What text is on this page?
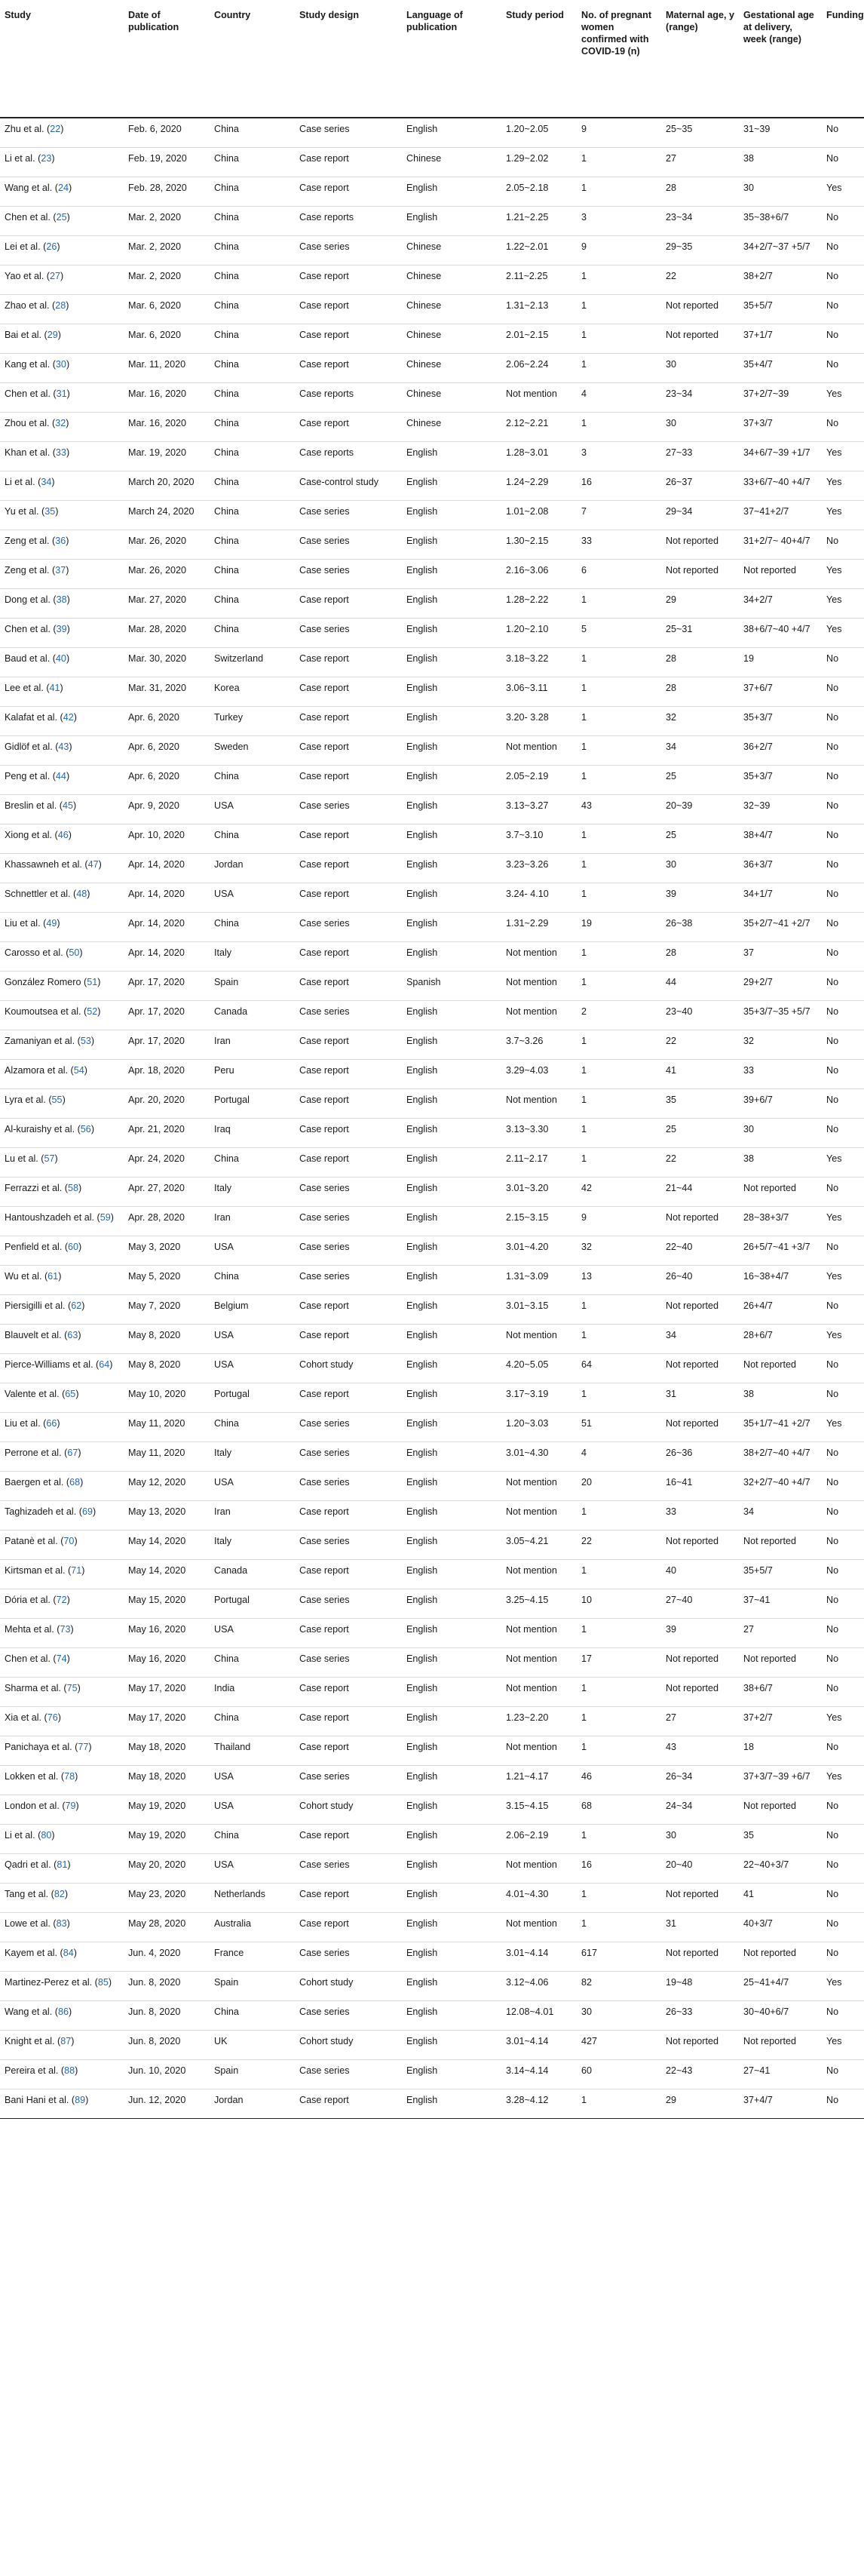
Study	Date of publication	Country	Study design	Language of publication	Study period	No. of pregnant women confirmed with COVID-19 (n)	Maternal age, y (range)	Gestational age at delivery, week (range)	Funding
Zhu et al. (22)	Feb. 6, 2020	China	Case series	English	1.20~2.05	9	25~35	31~39	No
Li et al. (23)	Feb. 19, 2020	China	Case report	Chinese	1.29~2.02	1	27	38	No
Wang et al. (24)	Feb. 28, 2020	China	Case report	English	2.05~2.18	1	28	30	Yes
Chen et al. (25)	Mar. 2, 2020	China	Case reports	English	1.21~2.25	3	23~34	35~38+6/7	No
Lei et al. (26)	Mar. 2, 2020	China	Case series	Chinese	1.22~2.01	9	29~35	34+2/7~37 +5/7	No
Yao et al. (27)	Mar. 2, 2020	China	Case report	Chinese	2.11~2.25	1	22	38+2/7	No
Zhao et al. (28)	Mar. 6, 2020	China	Case report	Chinese	1.31~2.13	1	Not reported	35+5/7	No
Bai et al. (29)	Mar. 6, 2020	China	Case report	Chinese	2.01~2.15	1	Not reported	37+1/7	No
Kang et al. (30)	Mar. 11, 2020	China	Case report	Chinese	2.06~2.24	1	30	35+4/7	No
Chen et al. (31)	Mar. 16, 2020	China	Case reports	Chinese	Not mention	4	23~34	37+2/7~39	Yes
Zhou et al. (32)	Mar. 16, 2020	China	Case report	Chinese	2.12~2.21	1	30	37+3/7	No
Khan et al. (33)	Mar. 19, 2020	China	Case reports	English	1.28~3.01	3	27~33	34+6/7~39 +1/7	Yes
Li et al. (34)	March 20, 2020	China	Case-control study	English	1.24~2.29	16	26~37	33+6/7~40 +4/7	Yes
Yu et al. (35)	March 24, 2020	China	Case series	English	1.01~2.08	7	29~34	37~41+2/7	Yes
Zeng et al. (36)	Mar. 26, 2020	China	Case series	English	1.30~2.15	33	Not reported	31+2/7~ 40+4/7	No
Zeng et al. (37)	Mar. 26, 2020	China	Case series	English	2.16~3.06	6	Not reported	Not reported	Yes
Dong et al. (38)	Mar. 27, 2020	China	Case report	English	1.28~2.22	1	29	34+2/7	Yes
Chen et al. (39)	Mar. 28, 2020	China	Case series	English	1.20~2.10	5	25~31	38+6/7~40 +4/7	Yes
Baud et al. (40)	Mar. 30, 2020	Switzerland	Case report	English	3.18~3.22	1	28	19	No
Lee et al. (41)	Mar. 31, 2020	Korea	Case report	English	3.06~3.11	1	28	37+6/7	No
Kalafat et al. (42)	Apr. 6, 2020	Turkey	Case report	English	3.20- 3.28	1	32	35+3/7	No
Gidlöf et al. (43)	Apr. 6, 2020	Sweden	Case report	English	Not mention	1	34	36+2/7	No
Peng et al. (44)	Apr. 6, 2020	China	Case report	English	2.05~2.19	1	25	35+3/7	No
Breslin et al. (45)	Apr. 9, 2020	USA	Case series	English	3.13~3.27	43	20~39	32~39	No
Xiong et al. (46)	Apr. 10, 2020	China	Case report	English	3.7~3.10	1	25	38+4/7	No
Khassawneh et al. (47)	Apr. 14, 2020	Jordan	Case report	English	3.23~3.26	1	30	36+3/7	No
Schnettler et al. (48)	Apr. 14, 2020	USA	Case report	English	3.24- 4.10	1	39	34+1/7	No
Liu et al. (49)	Apr. 14, 2020	China	Case series	English	1.31~2.29	19	26~38	35+2/7~41 +2/7	No
Carosso et al. (50)	Apr. 14, 2020	Italy	Case report	English	Not mention	1	28	37	No
González Romero (51)	Apr. 17, 2020	Spain	Case report	Spanish	Not mention	1	44	29+2/7	No
Koumoutsea et al. (52)	Apr. 17, 2020	Canada	Case series	English	Not mention	2	23~40	35+3/7~35 +5/7	No
Zamaniyan et al. (53)	Apr. 17, 2020	Iran	Case report	English	3.7~3.26	1	22	32	No
Alzamora et al. (54)	Apr. 18, 2020	Peru	Case report	English	3.29~4.03	1	41	33	No
Lyra et al. (55)	Apr. 20, 2020	Portugal	Case report	English	Not mention	1	35	39+6/7	No
Al-kuraishy et al. (56)	Apr. 21, 2020	Iraq	Case report	English	3.13~3.30	1	25	30	No
Lu et al. (57)	Apr. 24, 2020	China	Case report	English	2.11~2.17	1	22	38	Yes
Ferrazzi et al. (58)	Apr. 27, 2020	Italy	Case series	English	3.01~3.20	42	21~44	Not reported	No
Hantoushzadeh et al. (59)	Apr. 28, 2020	Iran	Case series	English	2.15~3.15	9	Not reported	28~38+3/7	Yes
Penfield et al. (60)	May 3, 2020	USA	Case series	English	3.01~4.20	32	22~40	26+5/7~41 +3/7	No
Wu et al. (61)	May 5, 2020	China	Case series	English	1.31~3.09	13	26~40	16~38+4/7	Yes
Piersigilli et al. (62)	May 7, 2020	Belgium	Case report	English	3.01~3.15	1	Not reported	26+4/7	No
Blauvelt et al. (63)	May 8, 2020	USA	Case report	English	Not mention	1	34	28+6/7	Yes
Pierce-Williams et al. (64)	May 8, 2020	USA	Cohort study	English	4.20~5.05	64	Not reported	Not reported	No
Valente et al. (65)	May 10, 2020	Portugal	Case report	English	3.17~3.19	1	31	38	No
Liu et al. (66)	May 11, 2020	China	Case series	English	1.20~3.03	51	Not reported	35+1/7~41 +2/7	Yes
Perrone et al. (67)	May 11, 2020	Italy	Case series	English	3.01~4.30	4	26~36	38+2/7~40 +4/7	No
Baergen et al. (68)	May 12, 2020	USA	Case series	English	Not mention	20	16~41	32+2/7~40 +4/7	No
Taghizadeh et al. (69)	May 13, 2020	Iran	Case report	English	Not mention	1	33	34	No
Patanè et al. (70)	May 14, 2020	Italy	Case series	English	3.05~4.21	22	Not reported	Not reported	No
Kirtsman et al. (71)	May 14, 2020	Canada	Case report	English	Not mention	1	40	35+5/7	No
Dória et al. (72)	May 15, 2020	Portugal	Case series	English	3.25~4.15	10	27~40	37~41	No
Mehta et al. (73)	May 16, 2020	USA	Case report	English	Not mention	1	39	27	No
Chen et al. (74)	May 16, 2020	China	Case series	English	Not mention	17	Not reported	Not reported	No
Sharma et al. (75)	May 17, 2020	India	Case report	English	Not mention	1	Not reported	38+6/7	No
Xia et al. (76)	May 17, 2020	China	Case report	English	1.23~2.20	1	27	37+2/7	Yes
Panichaya et al. (77)	May 18, 2020	Thailand	Case report	English	Not mention	1	43	18	No
Lokken et al. (78)	May 18, 2020	USA	Case series	English	1.21~4.17	46	26~34	37+3/7~39 +6/7	Yes
London et al. (79)	May 19, 2020	USA	Cohort study	English	3.15~4.15	68	24~34	Not reported	No
Li et al. (80)	May 19, 2020	China	Case report	English	2.06~2.19	1	30	35	No
Qadri et al. (81)	May 20, 2020	USA	Case series	English	Not mention	16	20~40	22~40+3/7	No
Tang et al. (82)	May 23, 2020	Netherlands	Case report	English	4.01~4.30	1	Not reported	41	No
Lowe et al. (83)	May 28, 2020	Australia	Case report	English	Not mention	1	31	40+3/7	No
Kayem et al. (84)	Jun. 4, 2020	France	Case series	English	3.01~4.14	617	Not reported	Not reported	No
Martinez-Perez et al. (85)	Jun. 8, 2020	Spain	Cohort study	English	3.12~4.06	82	19~48	25~41+4/7	Yes
Wang et al. (86)	Jun. 8, 2020	China	Case series	English	12.08~4.01	30	26~33	30~40+6/7	No
Knight et al. (87)	Jun. 8, 2020	UK	Cohort study	English	3.01~4.14	427	Not reported	Not reported	Yes
Pereira et al. (88)	Jun. 10, 2020	Spain	Case series	English	3.14~4.14	60	22~43	27~41	No
Bani Hani et al. (89)	Jun. 12, 2020	Jordan	Case report	English	3.28~4.12	1	29	37+4/7	No
